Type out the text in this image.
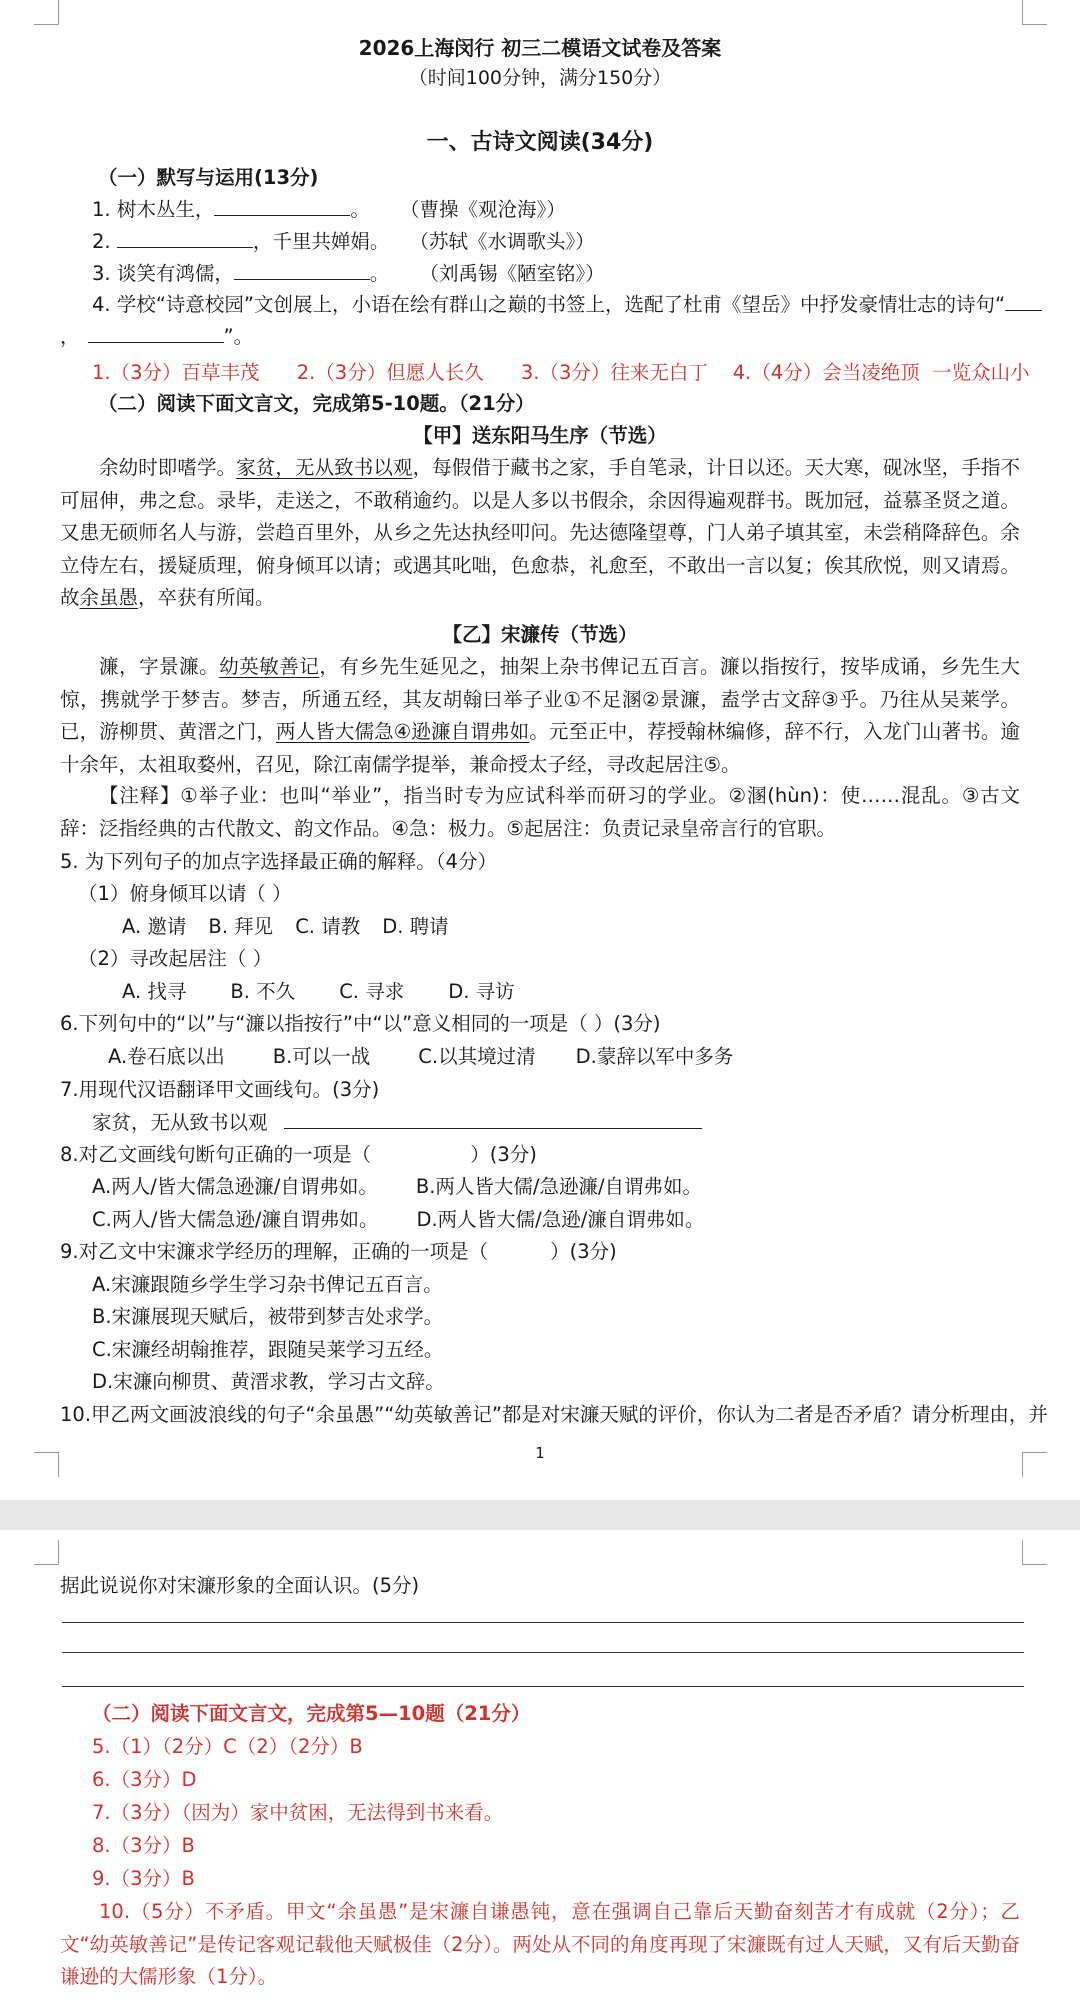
2026上海闵行 初三二模语文试卷及答案
（时间100分钟，满分150分）
一、古诗文阅读(34分)
（一）默写与运用(13分)
1. 树木丛生，	。 （曹操《观沧海》）
2.	，千里共婵娟。 （苏轼《水调歌头》）
3. 谈笑有鸿儒，	。 （刘禹锡《陋室铭》）
4. 学校“诗意校园”文创展上，小语在绘有群山之巅的书签上，选配了杜甫《望岳》中抒发豪情壮志的诗句“
，	”。
1.（3分）百草丰茂      2.（3分）但愿人长久      3.（3分）往来无白丁    4.（4分）会当凌绝顶  一览众山小
（二）阅读下面文言文，完成第5-10题。（21分）
【甲】送东阳马生序（节选）
余幼时即嗜学。家贫，无从致书以观，每假借于藏书之家，手自笔录，计日以还。天大寒，砚冰坚，手指不可屈伸，弗之怠。录毕，走送之，不敢稍逾约。以是人多以书假余，余因得遍观群书。既加冠，益慕圣贤之道。又患无硕师名人与游，尝趋百里外，从乡之先达执经叩问。先达德隆望尊，门人弟子填其室，未尝稍降辞色。余立侍左右，援疑质理，俯身倾耳以请；或遇其叱咄，色愈恭，礼愈至，不敢出一言以复；俟其欣悦，则又请焉。故余虽愚，卒获有所闻。
【乙】宋濂传（节选）
濂，字景濂。幼英敏善记，有乡先生延见之，抽架上杂书俾记五百言。濂以指按行，按毕成诵，乡先生大惊，携就学于梦吉。梦吉，所通五经，其友胡翰曰举子业①不足溷②景濂，盍学古文辞③乎。乃往从吴莱学。已，游柳贯、黄溍之门，两人皆大儒急④逊濂自谓弗如。元至正中，荐授翰林编修，辞不行，入龙门山著书。逾十余年，太祖取婺州，召见，除江南儒学提举，兼命授太子经，寻改起居注⑤。
【注释】①举子业：也叫“举业”，指当时专为应试科举而研习的学业。②溷(hùn)：使……混乱。③古文辞：泛指经典的古代散文、韵文作品。④急：极力。⑤起居注：负责记录皇帝言行的官职。
5. 为下列句子的加点字选择最正确的解释。（4分）
（1）俯身倾耳以请（ ）
A. 邀请 B. 拜见 C. 请教 D. 聘请
（2）寻改起居注（ ）
A. 找寻 B. 不久 C. 寻求 D. 寻访
6.下列句中的“以”与“濂以指按行”中“以”意义相同的一项是（ ）(3分)
A.卷石底以出 B.可以一战 C.以其境过清 D.蒙辞以军中多务
7.用现代汉语翻译甲文画线句。(3分)
家贫，无从致书以观
8.对乙文画线句断句正确的一项是（                ）(3分)
A.两人/皆大儒急逊濂/自谓弗如。 B.两人皆大儒/急逊濂/自谓弗如。
C.两人/皆大儒急逊/濂自谓弗如。 D.两人皆大儒/急逊/濂自谓弗如。
9.对乙文中宋濂求学经历的理解，正确的一项是（          ）(3分)
A.宋濂跟随乡学生学习杂书俾记五百言。
B.宋濂展现天赋后，被带到梦吉处求学。
C.宋濂经胡翰推荐，跟随吴莱学习五经。
D.宋濂向柳贯、黄溍求教，学习古文辞。
10.甲乙两文画波浪线的句子“余虽愚”“幼英敏善记”都是对宋濂天赋的评价，你认为二者是否矛盾？请分析理由，并
1
据此说说你对宋濂形象的全面认识。(5分)
（二）阅读下面文言文，完成第5—10题（21分）
5.（1）（2分）C（2）（2分）B
6.（3分）D
7.（3分）（因为）家中贫困，无法得到书来看。
8.（3分）B
9.（3分）B
10.（5分）不矛盾。甲文“余虽愚”是宋濂自谦愚钝，意在强调自己靠后天勤奋刻苦才有成就（2分）；乙文“幼英敏善记”是传记客观记载他天赋极佳（2分）。两处从不同的角度再现了宋濂既有过人天赋，又有后天勤奋谦逊的大儒形象（1分）。
